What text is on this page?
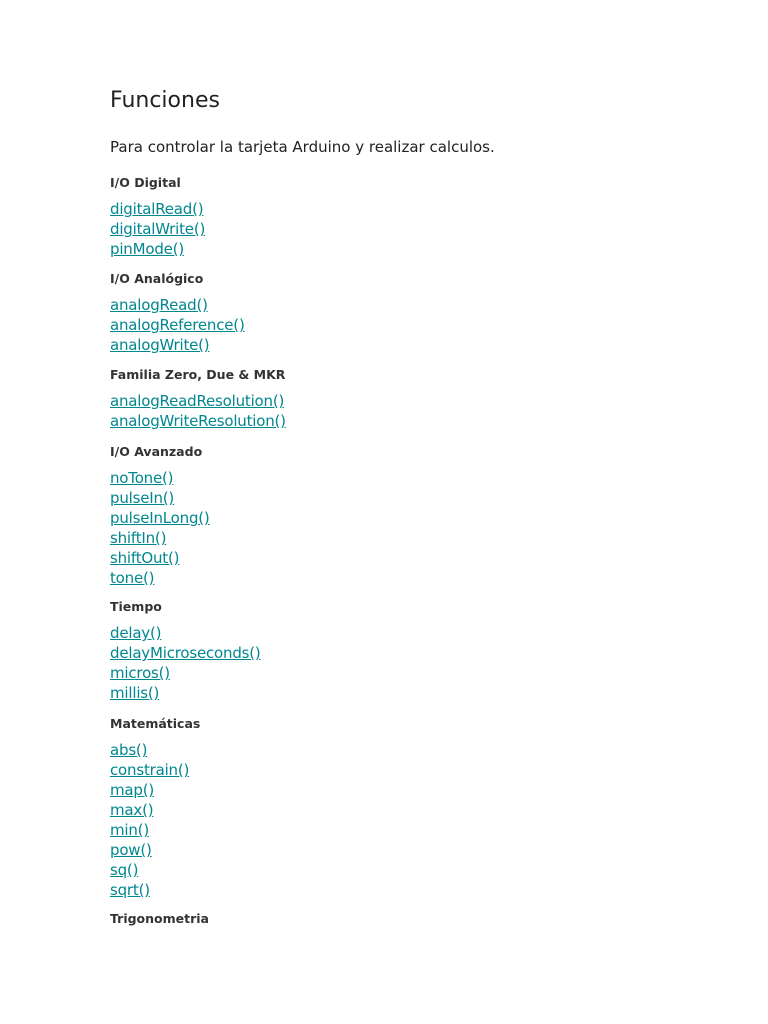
Funciones

Para controlar la tarjeta Arduino y realizar calculos.

I/O Digital
digitalRead()
digitalWrite()
pinMode()
I/O Analógico
analogRead()
analogReference()
analogWrite()
Familia Zero, Due & MKR
analogReadResolution()
analogWriteResolution()
I/O Avanzado
noTone()
pulseIn()
pulseInLong()
shiftIn()
shiftOut()
tone()
Tiempo
delay()
delayMicroseconds()
micros()
millis()
Matemáticas
abs()
constrain()
map()
max()
min()
pow()
sq()
sqrt()
Trigonometria
